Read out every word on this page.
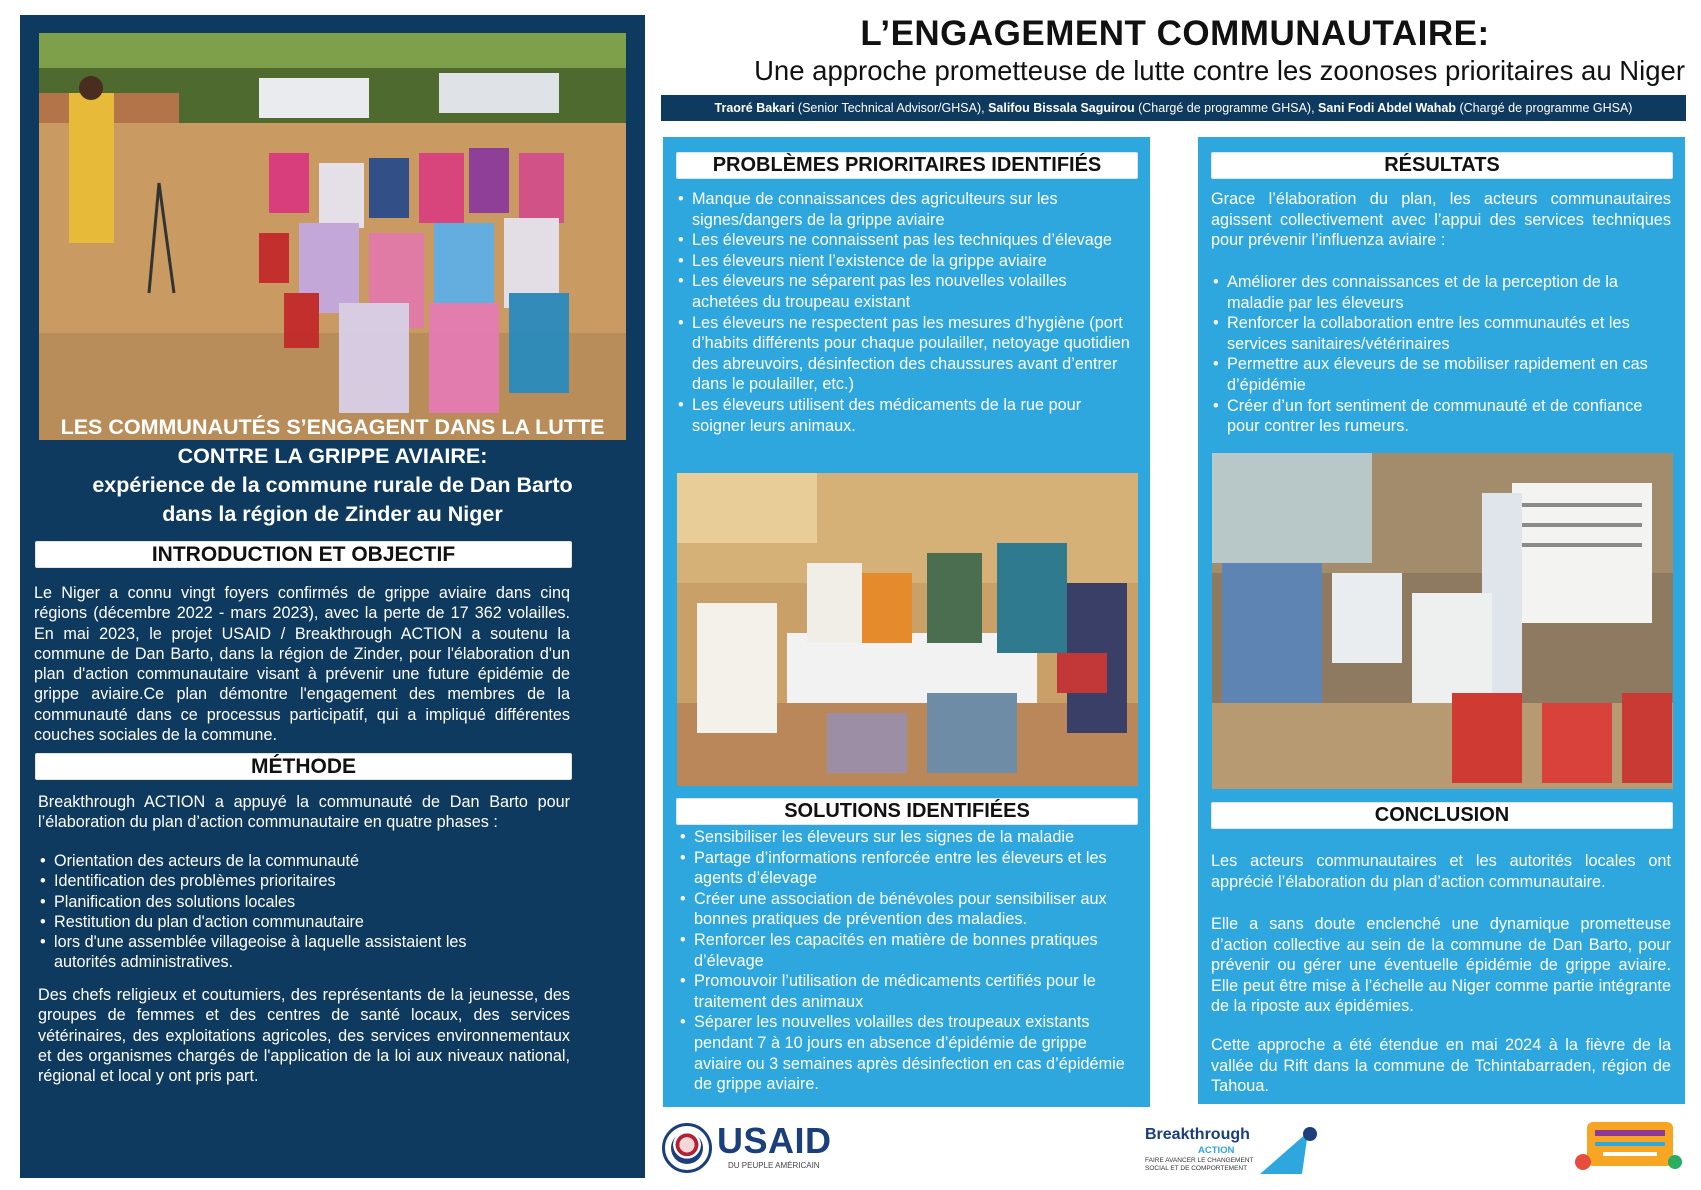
LES COMMUNAUTÉS S’ENGAGENT DANS LA LUTTE
CONTRE LA GRIPPE AVIAIRE:
expérience de la commune rurale de Dan Barto
dans la région de Zinder au Niger
INTRODUCTION ET OBJECTIF
Le Niger a connu vingt foyers confirmés de grippe aviaire dans cinq régions (décembre 2022 - mars 2023), avec la perte de 17 362 volailles. En mai 2023, le projet USAID / Breakthrough ACTION a soutenu la commune de Dan Barto, dans la région de Zinder, pour l'élaboration d'un plan d'action communautaire visant à prévenir une future épidémie de grippe aviaire.Ce plan démontre l'engagement des membres de la communauté dans ce processus participatif, qui a impliqué différentes couches sociales de la commune.
MÉTHODE
Breakthrough ACTION a appuyé la communauté de Dan Barto pour l’élaboration du plan d’action communautaire en quatre phases :
• Orientation des acteurs de la communauté
• Identification des problèmes prioritaires
• Planification des solutions locales
• Restitution du plan d'action communautaire
• lors d'une assemblée villageoise à laquelle assistaient les autorités administratives.
Des chefs religieux et coutumiers, des représentants de la jeunesse, des groupes de femmes et des centres de santé locaux, des services vétérinaires, des exploitations agricoles, des services environnementaux et des organismes chargés de l'application de la loi aux niveaux national, régional et local y ont pris part.
L’ENGAGEMENT COMMUNAUTAIRE:
Une approche prometteuse de lutte contre les zoonoses prioritaires au Niger
Traoré Bakari (Senior Technical Advisor/GHSA), Salifou Bissala Saguirou (Chargé de programme GHSA), Sani Fodi Abdel Wahab (Chargé de programme GHSA)
PROBLÈMES PRIORITAIRES IDENTIFIÉS
• Manque de connaissances des agriculteurs sur les signes/dangers de la grippe aviaire
• Les éleveurs ne connaissent pas les techniques d’élevage
• Les éleveurs nient l’existence de la grippe aviaire
• Les éleveurs ne séparent pas les nouvelles volailles achetées du troupeau existant
• Les éleveurs ne respectent pas les mesures d’hygiène (port d’habits différents pour chaque poulailler, netoyage quotidien des abreuvoirs, désinfection des chaussures avant d’entrer dans le poulailler, etc.)
• Les éleveurs utilisent des médicaments de la rue pour soigner leurs animaux.
SOLUTIONS IDENTIFIÉES
• Sensibiliser les éleveurs sur les signes de la maladie
• Partage d’informations renforcée entre les éleveurs et les agents d’élevage
• Créer une association de bénévoles pour sensibiliser aux bonnes pratiques de prévention des maladies.
• Renforcer les capacités en matière de bonnes pratiques d’élevage
• Promouvoir l’utilisation de médicaments certifiés pour le traitement des animaux
• Séparer les nouvelles volailles des troupeaux existants pendant 7 à 10 jours en absence d’épidémie de grippe aviaire ou 3 semaines après désinfection en cas d’épidémie de grippe aviaire.
RÉSULTATS
Grace l’élaboration du plan, les acteurs communautaires agissent collectivement avec l’appui des services techniques pour prévenir l’influenza aviaire :
• Améliorer des connaissances et de la perception de la maladie par les éleveurs
• Renforcer la collaboration entre les communautés et les services sanitaires/vétérinaires
• Permettre aux éleveurs de se mobiliser rapidement en cas d’épidémie
• Créer d’un fort sentiment de communauté et de confiance pour contrer les rumeurs.
CONCLUSION
Les acteurs communautaires et les autorités locales ont apprécié l’élaboration du plan d’action communautaire.
Elle a sans doute enclenché une dynamique prometteuse d’action collective au sein de la commune de Dan Barto, pour prévenir ou gérer une éventuelle épidémie de grippe aviaire. Elle peut être mise à l’échelle au Niger comme partie intégrante de la riposte aux épidémies.
Cette approche a été étendue en mai 2024 à la fièvre de la vallée du Rift dans la commune de Tchintabarraden, région de Tahoua.
USAID
DU PEUPLE AMÉRICAIN
Breakthrough
ACTION
FAIRE AVANCER LE CHANGEMENT SOCIAL ET DE COMPORTEMENT
